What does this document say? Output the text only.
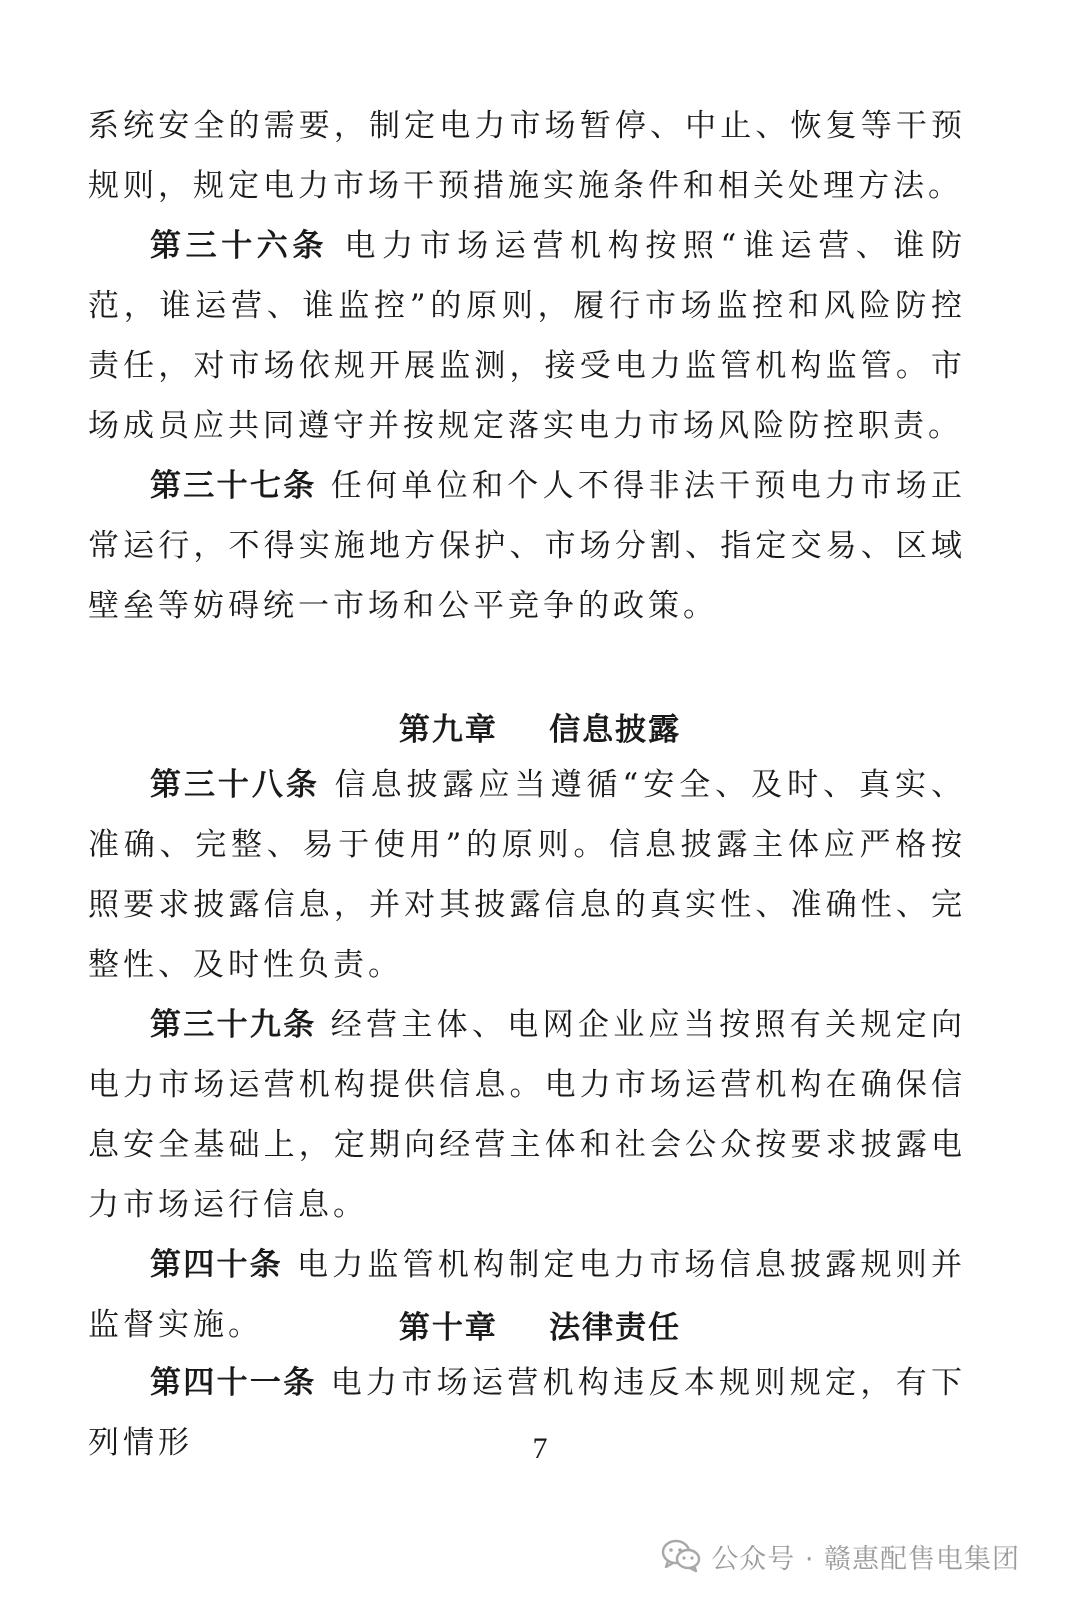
系统安全的需要，制定电力市场暂停、中止、恢复等干预规则，规定电力市场干预措施实施条件和相关处理方法。

第三十六条 电力市场运营机构按照“谁运营、谁防范，谁运营、谁监控”的原则，履行市场监控和风险防控责任，对市场依规开展监测，接受电力监管机构监管。市场成员应共同遵守并按规定落实电力市场风险防控职责。

第三十七条 任何单位和个人不得非法干预电力市场正常运行，不得实施地方保护、市场分割、指定交易、区域壁垒等妨碍统一市场和公平竞争的政策。

第九章 信息披露

第三十八条 信息披露应当遵循“安全、及时、真实、准确、完整、易于使用”的原则。信息披露主体应严格按照要求披露信息，并对其披露信息的真实性、准确性、完整性、及时性负责。

第三十九条 经营主体、电网企业应当按照有关规定向电力市场运营机构提供信息。电力市场运营机构在确保信息安全基础上，定期向经营主体和社会公众按要求披露电力市场运行信息。

第四十条 电力监管机构制定电力市场信息披露规则并监督实施。	第十章 法律责任

第四十一条 电力市场运营机构违反本规则规定，有下列情形	7
公众号 · 赣惠配售电集团
